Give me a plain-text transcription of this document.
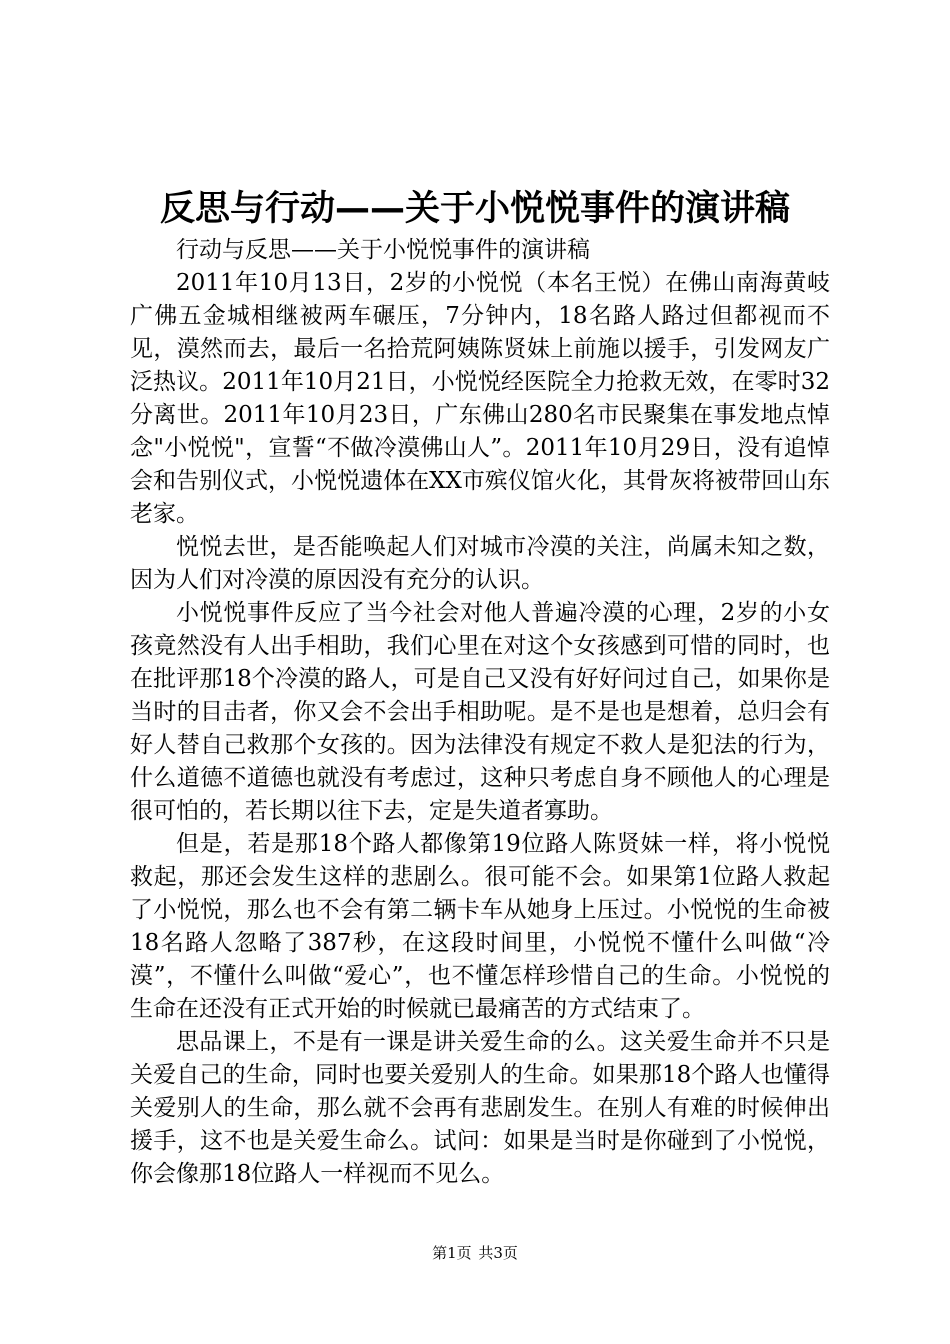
反思与行动——关于小悦悦事件的演讲稿

行动与反思——关于小悦悦事件的演讲稿

2011年10月13日，2岁的小悦悦（本名王悦）在佛山南海黄岐广佛五金城相继被两车碾压，7分钟内，18名路人路过但都视而不见，漠然而去，最后一名拾荒阿姨陈贤妹上前施以援手，引发网友广泛热议。2011年10月21日，小悦悦经医院全力抢救无效，在零时32分离世。2011年10月23日，广东佛山280名市民聚集在事发地点悼念"小悦悦"，宣誓“不做冷漠佛山人”。2011年10月29日，没有追悼会和告别仪式，小悦悦遗体在XX市殡仪馆火化，其骨灰将被带回山东老家。

悦悦去世，是否能唤起人们对城市冷漠的关注，尚属未知之数，因为人们对冷漠的原因没有充分的认识。

小悦悦事件反应了当今社会对他人普遍冷漠的心理，2岁的小女孩竟然没有人出手相助，我们心里在对这个女孩感到可惜的同时，也在批评那18个冷漠的路人，可是自己又没有好好问过自己，如果你是当时的目击者，你又会不会出手相助呢。是不是也是想着，总归会有好人替自己救那个女孩的。因为法律没有规定不救人是犯法的行为，什么道德不道德也就没有考虑过，这种只考虑自身不顾他人的心理是很可怕的，若长期以往下去，定是失道者寡助。

但是，若是那18个路人都像第19位路人陈贤妹一样，将小悦悦救起，那还会发生这样的悲剧么。很可能不会。如果第1位路人救起了小悦悦，那么也不会有第二辆卡车从她身上压过。小悦悦的生命被18名路人忽略了387秒，在这段时间里，小悦悦不懂什么叫做“冷漠”，不懂什么叫做“爱心”，也不懂怎样珍惜自己的生命。小悦悦的生命在还没有正式开始的时候就已最痛苦的方式结束了。

思品课上，不是有一课是讲关爱生命的么。这关爱生命并不只是关爱自己的生命，同时也要关爱别人的生命。如果那18个路人也懂得关爱别人的生命，那么就不会再有悲剧发生。在别人有难的时候伸出援手，这不也是关爱生命么。试问：如果是当时是你碰到了小悦悦，你会像那18位路人一样视而不见么。

第1页 共3页
